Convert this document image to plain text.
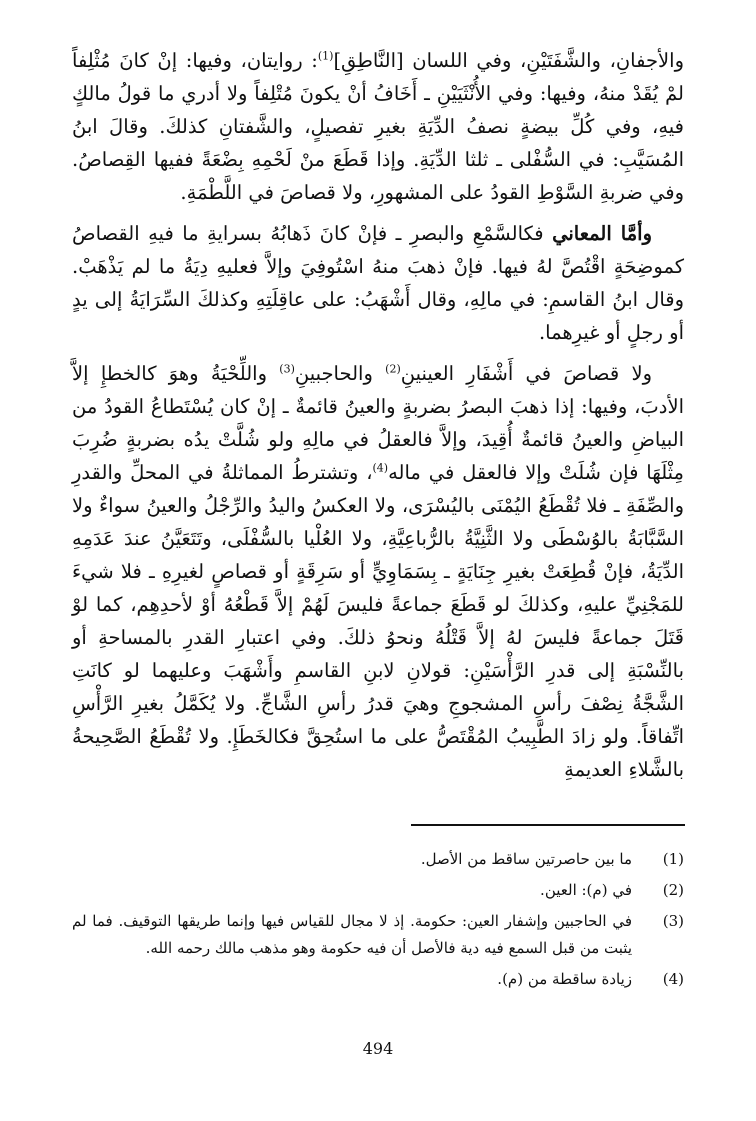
والأجفانِ، والشَّفَتَيْنِ، وفي اللسان [النَّاطِقِ]$^{(1)}$: روايتان، وفيها: إنْ كانَ مُثْلِفاً لمْ يُقَدْ منهُ، وفيها: وفي الأُنْثَيَيْنِ ـ أَخَافُ أنْ يكونَ مُتْلِفاً ولا أدري ما قولُ مالكٍ فيهِ، وفي كُلِّ بيضةٍ نصفُ الدِّيَةِ بغيرِ تفصيلٍ، والشَّفتانِ كذلكَ. وقالَ ابنُ المُسَيَّبِ: في السُّفْلى ـ ثلثا الدِّيَةِ. وإذا قَطَعَ منْ لَحْمِهِ بِضْعَةً ففيها القِصاصُ. وفي ضربةِ السَّوْطِ القودُ على المشهورِ، ولا قصاصَ في اللَّطْمَةِ.

وأمَّا المعاني فكالسَّمْعِ والبصرِ ـ فإنْ كانَ ذَهابُهُ بسرايةِ ما فيهِ القصاصُ كموضِحَةٍ اقْتُصَّ لهُ فيها. فإنْ ذهبَ منهُ اسْتُوفِيَ وإلاَّ فعليهِ دِيَةُ ما لم يَذْهَبْ. وقال ابنُ القاسمِ: في مالِهِ، وقال أَشْهَبُ: على عاقِلَتِهِ وكذلكَ السِّرَايَةُ إلى يدٍ أو رجلٍ أو غيرِهما.

ولا قصاصَ في أَشْفَارِ العينينِ$^{(2)}$ والحاجبينِ$^{(3)}$ واللِّحْيَةُ وهوَ كالخطإِ إلاَّ الأدبَ، وفيها: إذا ذهبَ البصرُ بضربةٍ والعينُ قائمةٌ ـ إنْ كان يُسْتَطاعُ القودُ من البياضِ والعينُ قائمةٌ أُقِيدَ، وإلاَّ فالعقلُ في مالِهِ ولو شُلَّتْ يدُه بضربةٍ ضُرِبَ مِثْلَهَا فإن شُلَتْ وإلا فالعقل في ماله$^{(4)}$، وتشترطُ المماثلةُ في المحلِّ والقدرِ والصِّفَةِ ـ فلا تُقْطَعُ اليُمْنَى باليُسْرَى، ولا العكسُ واليدُ والرِّجْلُ والعينُ سواءٌ ولا السَّبَّابَةُ بالوُسْطَى ولا الثَّنِيَّةُ بالرُّباعِيَّةِ، ولا العُلْيا بالسُّفْلَى، وتَتَعَيَّنُ عندَ عَدَمِهِ الدِّيَةُ، فإنْ قُطِعَتْ بغيرِ جِنَايَةٍ ـ بِسَمَاوِيٍّ أو سَرِقَةٍ أو قصاصٍ لغيرِهِ ـ فلا شيءَ للمَجْنِيِّ عليهِ، وكذلكَ لو قَطَعَ جماعةً فليسَ لَهُمْ إلاَّ قَطْعُهُ أوْ لأحدِهِم، كما لوْ قَتَلَ جماعةً فليسَ لهُ إلاَّ قَتْلُهُ ونحوُ ذلكَ. وفي اعتبارِ القدرِ بالمساحةِ أو بالنِّسْبَةِ إلى قدرِ الرَّأْسَيْنِ: قولانِ لابنِ القاسمِ وأَشْهَبَ وعليهما لو كانَتِ الشَّجَّةُ نِصْفَ رأسِ المشجوجِ وهيَ قدرُ رأسِ الشَّاجِّ. ولا يُكَمَّلُ بغيرِ الرَّأْسِ اتِّفاقاً. ولو زادَ الطَّبِيبُ المُقْتَصُّ على ما استُحِقَّ فكالخَطَإِ. ولا تُقْطَعُ الصَّحِيحةُ بالشَّلاءِ العديمةِ

(1)
ما بين حاصرتين ساقط من الأصل.
(2)
في (م): العين.
(3)
في الحاجبين وإشفار العين: حكومة. إذ لا مجال للقياس فيها وإنما طريقها التوقيف. فما لم يثبت من قبل السمع فيه دية فالأصل أن فيه حكومة وهو مذهب مالك رحمه الله.
(4)
زيادة ساقطة من (م).
494
